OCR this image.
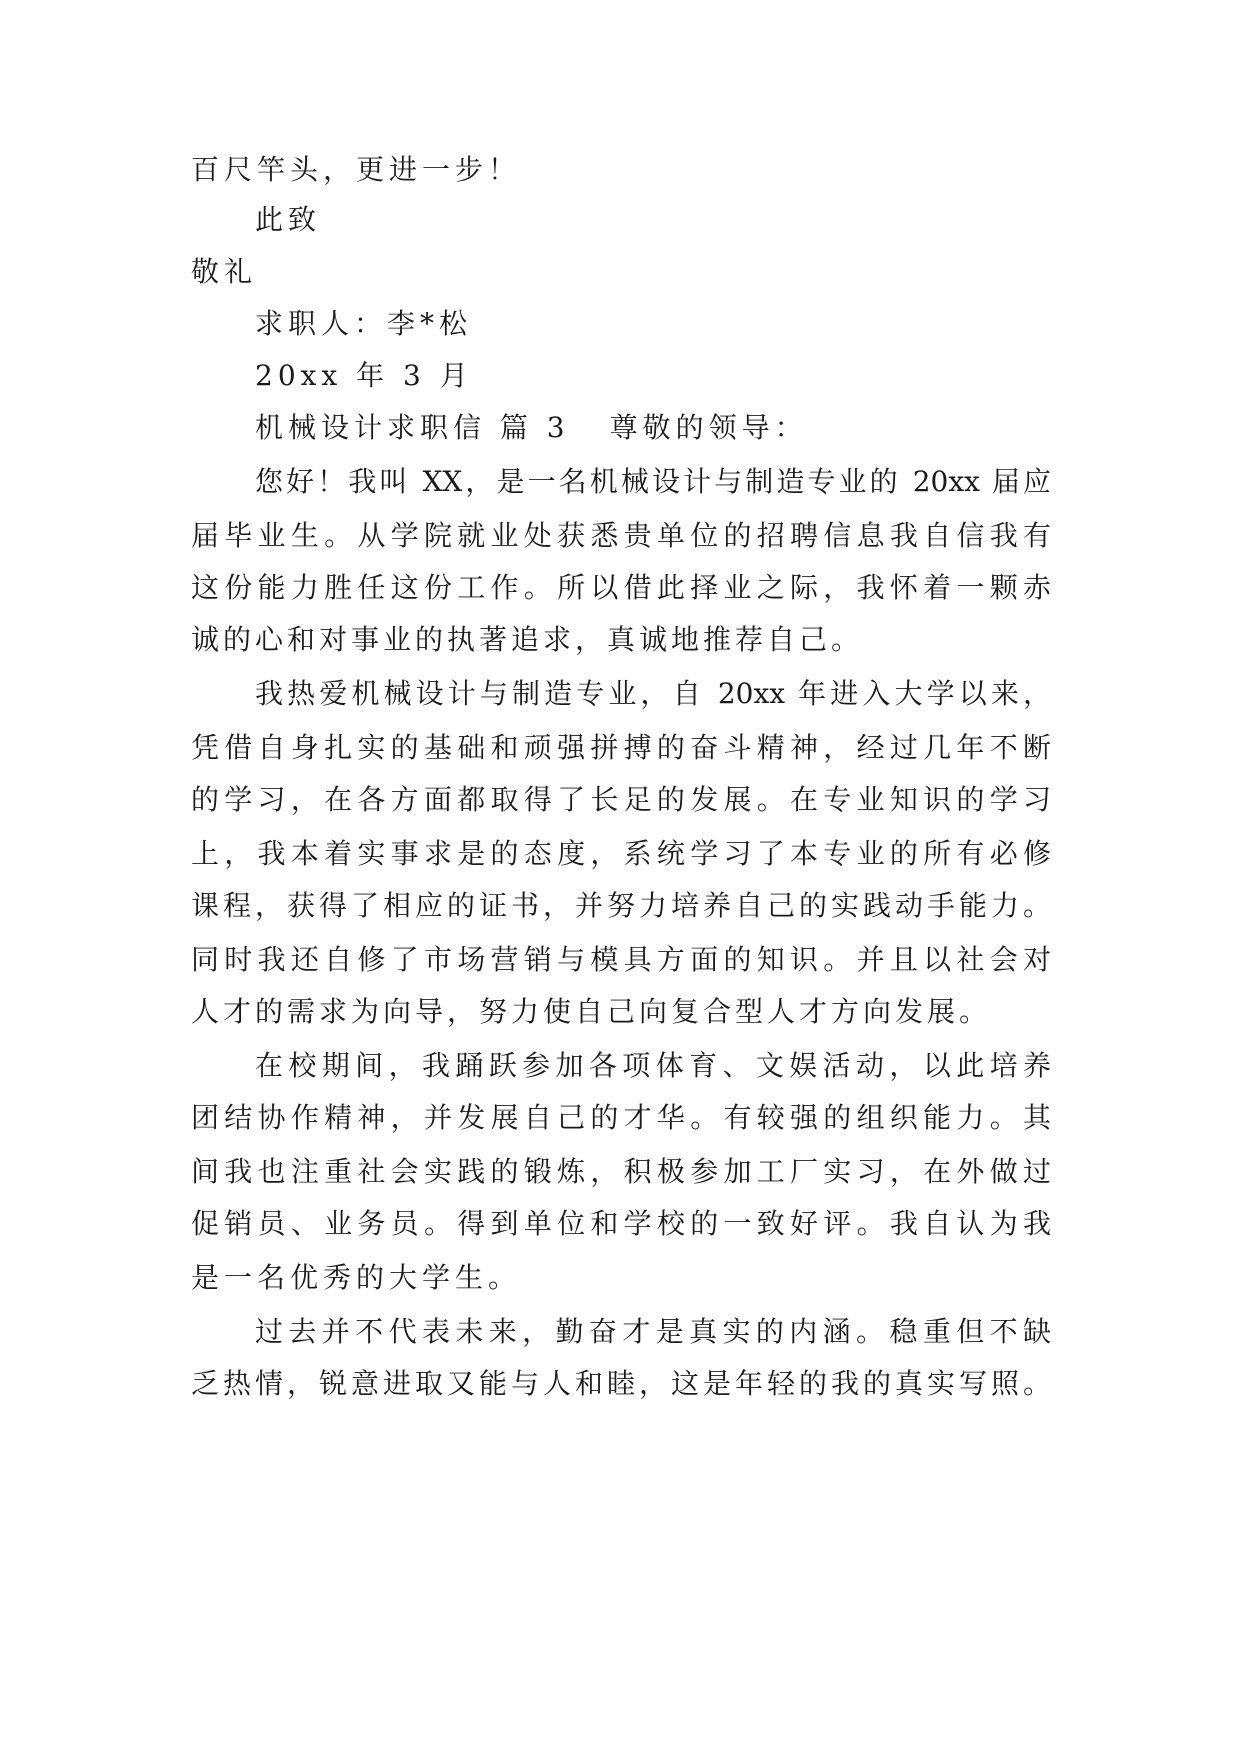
百尺竿头，更进一步！
此致
敬礼
求职人：李*松
20xx 年 3 月
机械设计求职信 篇 3 尊敬的领导：
您好！我叫 XX，是一名机械设计与制造专业的 20xx 届应
届毕业生。从学院就业处获悉贵单位的招聘信息我自信我有
这份能力胜任这份工作。所以借此择业之际，我怀着一颗赤
诚的心和对事业的执著追求，真诚地推荐自己。
我热爱机械设计与制造专业，自 20xx 年进入大学以来，
凭借自身扎实的基础和顽强拼搏的奋斗精神，经过几年不断
的学习，在各方面都取得了长足的发展。在专业知识的学习
上，我本着实事求是的态度，系统学习了本专业的所有必修
课程，获得了相应的证书，并努力培养自己的实践动手能力。
同时我还自修了市场营销与模具方面的知识。并且以社会对
人才的需求为向导，努力使自己向复合型人才方向发展。
在校期间，我踊跃参加各项体育、文娱活动，以此培养
团结协作精神，并发展自己的才华。有较强的组织能力。其
间我也注重社会实践的锻炼，积极参加工厂实习，在外做过
促销员、业务员。得到单位和学校的一致好评。我自认为我
是一名优秀的大学生。
过去并不代表未来，勤奋才是真实的内涵。稳重但不缺
乏热情，锐意进取又能与人和睦，这是年轻的我的真实写照。
